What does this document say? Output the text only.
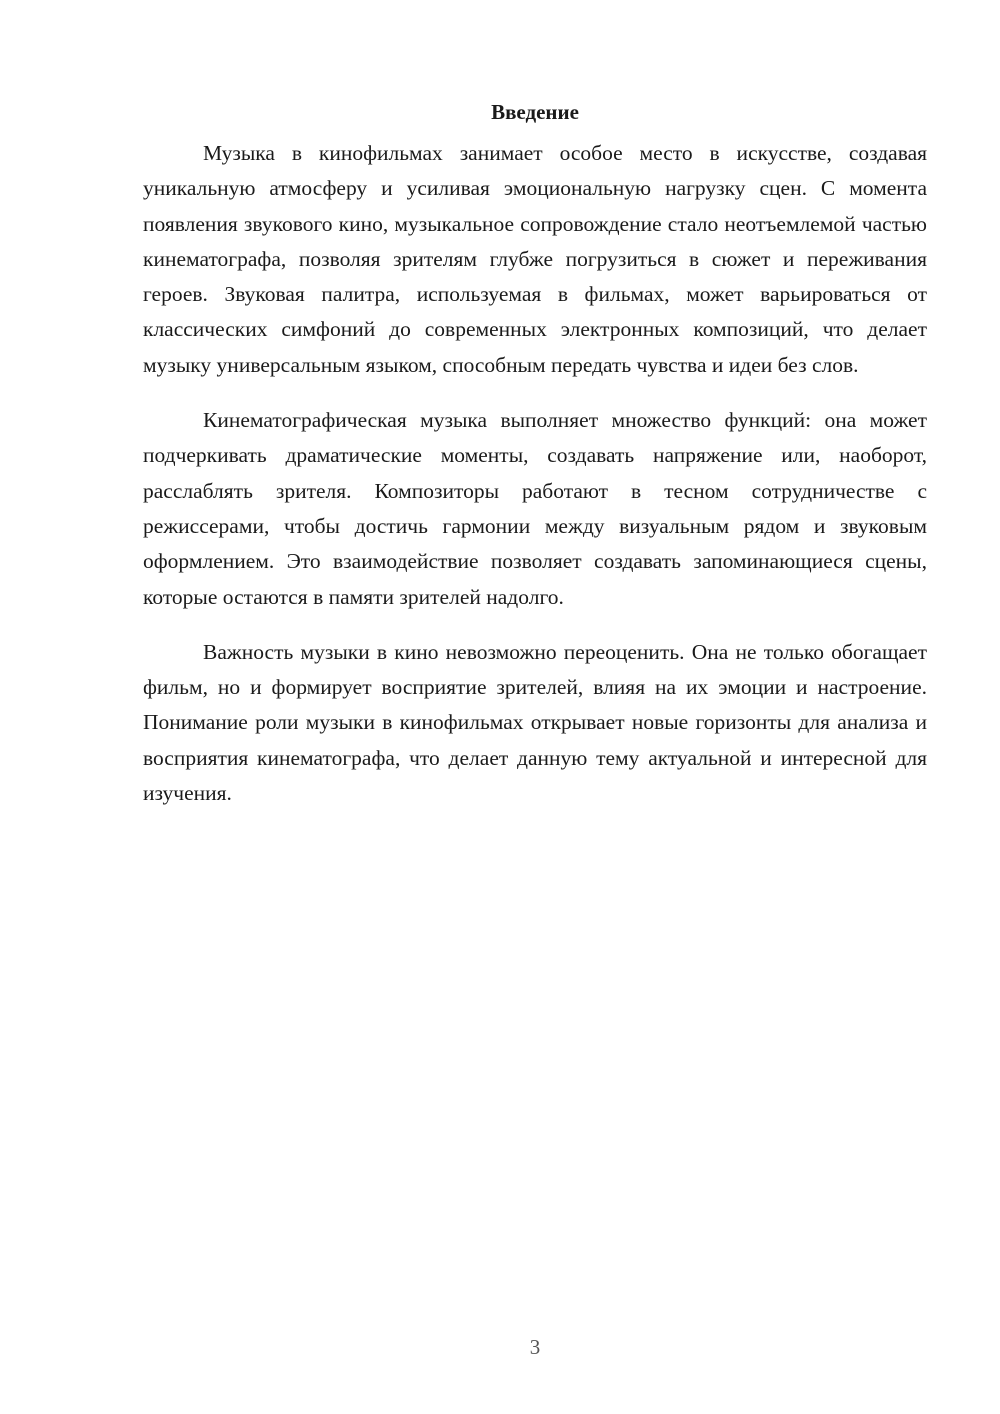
Введение

Музыка в кинофильмах занимает особое место в искусстве, создавая уникальную атмосферу и усиливая эмоциональную нагрузку сцен. С момента появления звукового кино, музыкальное сопровождение стало неотъемлемой частью кинематографа, позволяя зрителям глубже погрузиться в сюжет и переживания героев. Звуковая палитра, используемая в фильмах, может варьироваться от классических симфоний до современных электронных композиций, что делает музыку универсальным языком, способным передать чувства и идеи без слов.

Кинематографическая музыка выполняет множество функций: она может подчеркивать драматические моменты, создавать напряжение или, наоборот, расслаблять зрителя. Композиторы работают в тесном сотрудничестве с режиссерами, чтобы достичь гармонии между визуальным рядом и звуковым оформлением. Это взаимодействие позволяет создавать запоминающиеся сцены, которые остаются в памяти зрителей надолго.

Важность музыки в кино невозможно переоценить. Она не только обогащает фильм, но и формирует восприятие зрителей, влияя на их эмоции и настроение. Понимание роли музыки в кинофильмах открывает новые горизонты для анализа и восприятия кинематографа, что делает данную тему актуальной и интересной для изучения.

3
